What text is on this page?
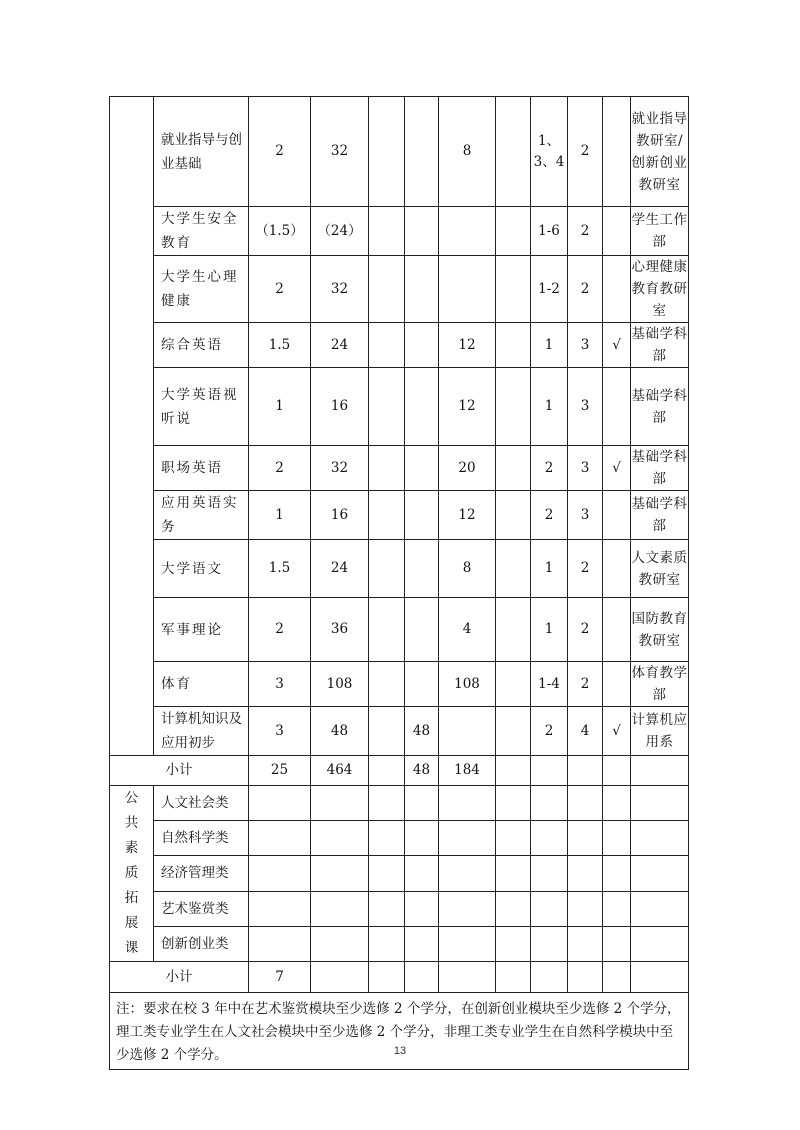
	就业指导与创业基础	2	32			8		1、3、4	2		就业指导教研室/创新创业教研室
	大学生安全教育	（1.5）	（24）					1-6	2		学生工作部
	大学生心理健康	2	32					1-2	2		心理健康教育教研室
	综合英语	1.5	24			12		1	3	√	基础学科部
	大学英语视听说	1	16			12		1	3		基础学科部
	职场英语	2	32			20		2	3	√	基础学科部
	应用英语实务	1	16			12		2	3		基础学科部
	大学语文	1.5	24			8		1	2		人文素质教研室
	军事理论	2	36			4		1	2		国防教育教研室
	体育	3	108			108		1-4	2		体育教学部
	计算机知识及应用初步	3	48		48			2	4	√	计算机应用系
小计		25	464		48	184					

公共素质拓展课	人文社会类										
	自然科学类										
	经济管理类										
	艺术鉴赏类										
	创新创业类										
小计		7									
注：要求在校 3 年中在艺术鉴赏模块至少选修 2 个学分，在创新创业模块至少选修 2 个学分，理工类专业学生在人文社会模块中至少选修 2 个学分，非理工类专业学生在自然科学模块中至少选修 2 个学分。												13
